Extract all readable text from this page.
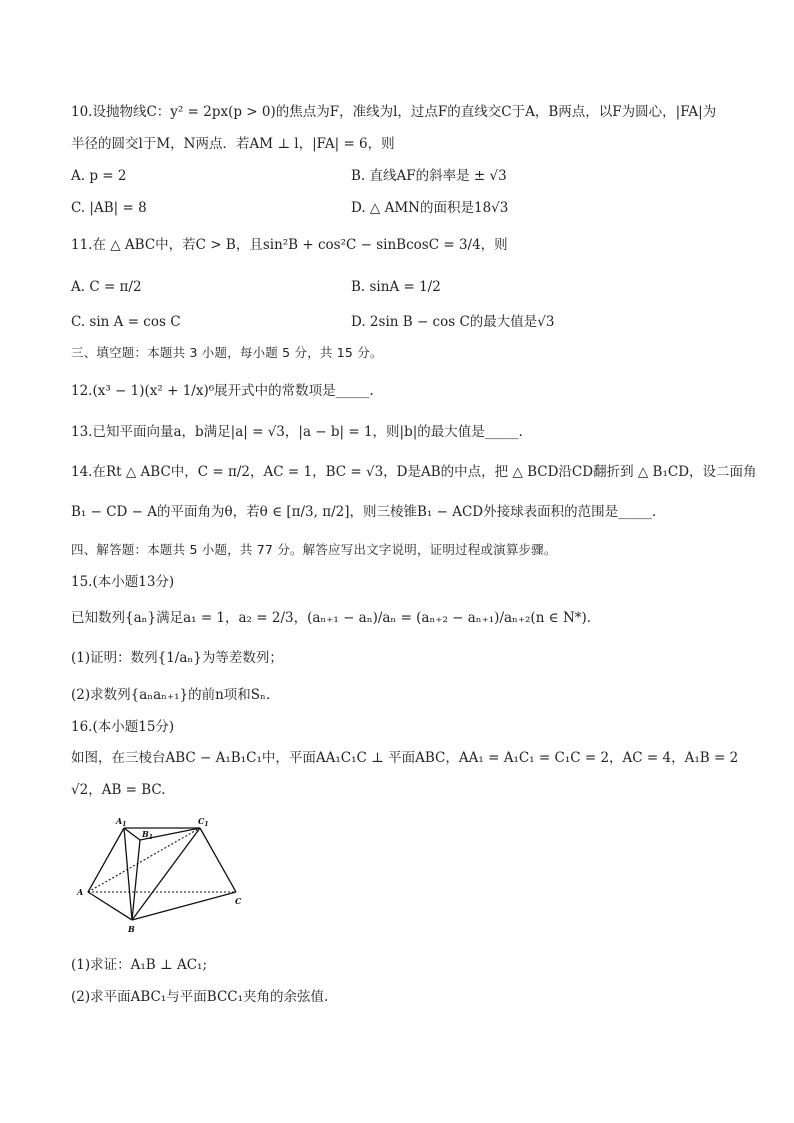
10.设抛物线C：y² = 2px(p > 0)的焦点为F，准线为l，过点F的直线交C于A，B两点，以F为圆心，|FA|为
半径的圆交l于M，N两点．若AM ⊥ l，|FA| = 6，则
A. p = 2	B. 直线AF的斜率是 ± √3
C. |AB| = 8	D. △ AMN的面积是18√3
11.在 △ ABC中，若C > B，且sin²B + cos²C − sinBcosC = 3/4，则
A. C = π/2	B. sinA = 1/2
C. sin A = cos C	D. 2sin B − cos C的最大值是√3
三、填空题：本题共 3 小题，每小题 5 分，共 15 分。
12.(x³ − 1)(x² + 1/x)⁶展开式中的常数项是_____.
13.已知平面向量a，b满足|a| = √3，|a − b| = 1，则|b|的最大值是_____.
14.在Rt △ ABC中，C = π/2，AC = 1，BC = √3，D是AB的中点，把 △ BCD沿CD翻折到 △ B₁CD，设二面角
B₁ − CD − A的平面角为θ，若θ ∈ [π/3, π/2]，则三棱锥B₁ − ACD外接球表面积的范围是_____.
四、解答题：本题共 5 小题，共 77 分。解答应写出文字说明，证明过程或演算步骤。
15.(本小题13分)
已知数列{aₙ}满足a₁ = 1，a₂ = 2/3，(aₙ₊₁ − aₙ)/aₙ = (aₙ₊₂ − aₙ₊₁)/aₙ₊₂(n ∈ N*)．
(1)证明：数列{1/aₙ}为等差数列；
(2)求数列{aₙaₙ₊₁}的前n项和Sₙ.
16.(本小题15分)
如图，在三棱台ABC − A₁B₁C₁中，平面AA₁C₁C ⊥ 平面ABC，AA₁ = A₁C₁ = C₁C = 2，AC = 4，A₁B = 2
√2，AB = BC.
$A_1$
$B_1$
$C_1$
A
B
C
(1)求证：A₁B ⊥ AC₁;
(2)求平面ABC₁与平面BCC₁夹角的余弦值.
